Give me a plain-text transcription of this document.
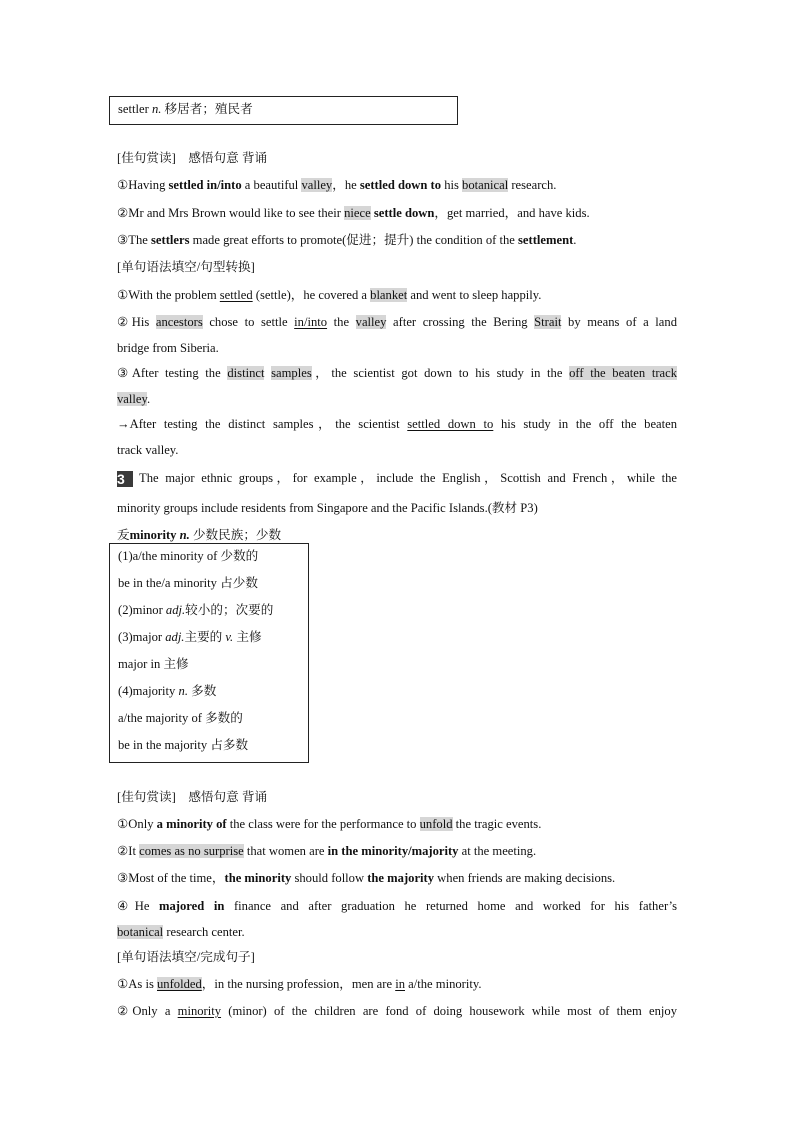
settler n. 移居者；殖民者
[佳句赏读]　感悟句意 背诵
①Having settled in/into a beautiful valley，he settled down to his botanical research.
②Mr and Mrs Brown would like to see their niece settle down，get married，and have kids.
③The settlers made great efforts to promote(促进；提升) the condition of the settlement.
[单句语法填空/句型转换]
①With the problem settled (settle)，he covered a blanket and went to sleep happily.
②His ancestors chose to settle in/into the valley after crossing the Bering Strait by means of a land
bridge from Siberia.
③After testing the distinct samples，the scientist got down to his study in the off the beaten track
valley.
→After testing the distinct samples，the scientist settled down to his study in the off the beaten
track valley.
3 The major ethnic groups，for example，include the English，Scottish and French，while the
minority groups include residents from Singapore and the Pacific Islands.(教材 P3)
叐minority n. 少数民族；少数
(1)a/the minority of 少数的
be in the/a minority 占少数
(2)minor adj.较小的；次要的
(3)major adj.主要的 v. 主修
major in 主修
(4)majority n. 多数
a/the majority of 多数的
be in the majority 占多数
[佳句赏读]　感悟句意 背诵
①Only a minority of the class were for the performance to unfold the tragic events.
②It comes as no surprise that women are in the minority/majority at the meeting.
③Most of the time，the minority should follow the majority when friends are making decisions.
④He majored in finance and after graduation he returned home and worked for his father’s
botanical research center.
[单句语法填空/完成句子]
①As is unfolded，in the nursing profession，men are in a/the minority.
②Only a minority (minor) of the children are fond of doing housework while most of them enjoy
